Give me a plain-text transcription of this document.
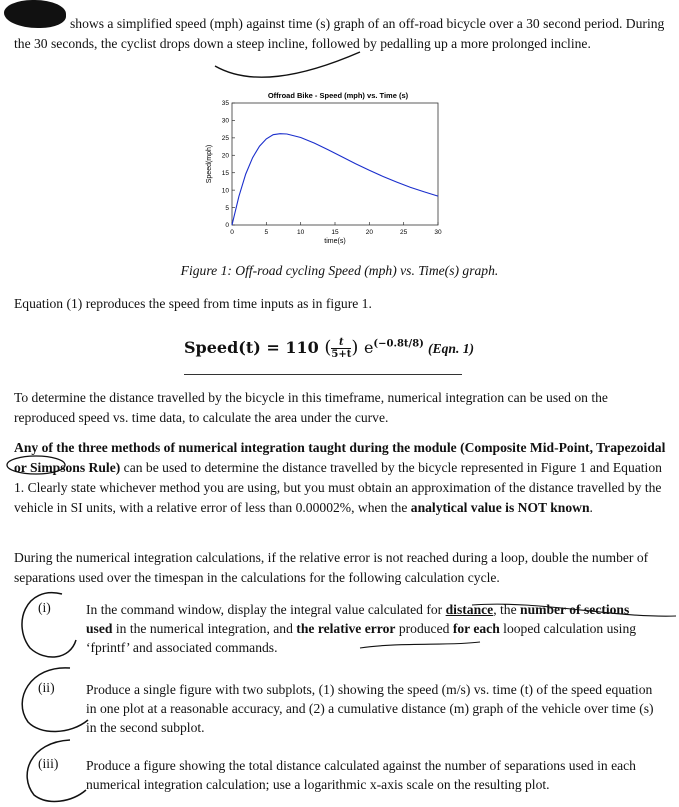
shows a simplified speed (mph) against time (s) graph of an off-road bicycle over a 30 second period. During the 30 seconds, the cyclist drops down a steep incline, followed by pedalling up a more prolonged incline.
Offroad Bike - Speed (mph) vs. Time (s)
0	5	10	15	20	25	30
0
5
10
15
20
25
30
35
time(s)
Speed(mph)
Figure 1: Off-road cycling Speed (mph) vs. Time(s) graph.
Equation (1) reproduces the speed from time inputs as in figure 1.
Speed(t) = 110 ( $\frac{t}{5+t}$ ) $e^{(-0.8t/8)}$ (Eqn. 1)
To determine the distance travelled by the bicycle in this timeframe, numerical integration can be used on the reproduced speed vs. time data, to calculate the area under the curve.
Any of the three methods of numerical integration taught during the module (Composite Mid-Point, Trapezoidal or Simpsons Rule) can be used to determine the distance travelled by the bicycle represented in Figure 1 and Equation 1. Clearly state whichever method you are using, but you must obtain an approximation of the distance travelled by the vehicle in SI units, with a relative error of less than 0.00002%, when the analytical value is NOT known.
During the numerical integration calculations, if the relative error is not reached during a loop, double the number of separations used over the timespan in the calculations for the following calculation cycle.
(i)	In the command window, display the integral value calculated for distance, the number of sections used in the numerical integration, and the relative error produced for each looped calculation using ‘fprintf’ and associated commands.
(ii) Produce a single figure with two subplots, (1) showing the speed (m/s) vs. time (t) of the speed equation in one plot at a reasonable accuracy, and (2) a cumulative distance (m) graph of the vehicle over time (s) in the second subplot.
(iii) Produce a figure showing the total distance calculated against the number of separations used in each numerical integration calculation; use a logarithmic x-axis scale on the resulting plot.
